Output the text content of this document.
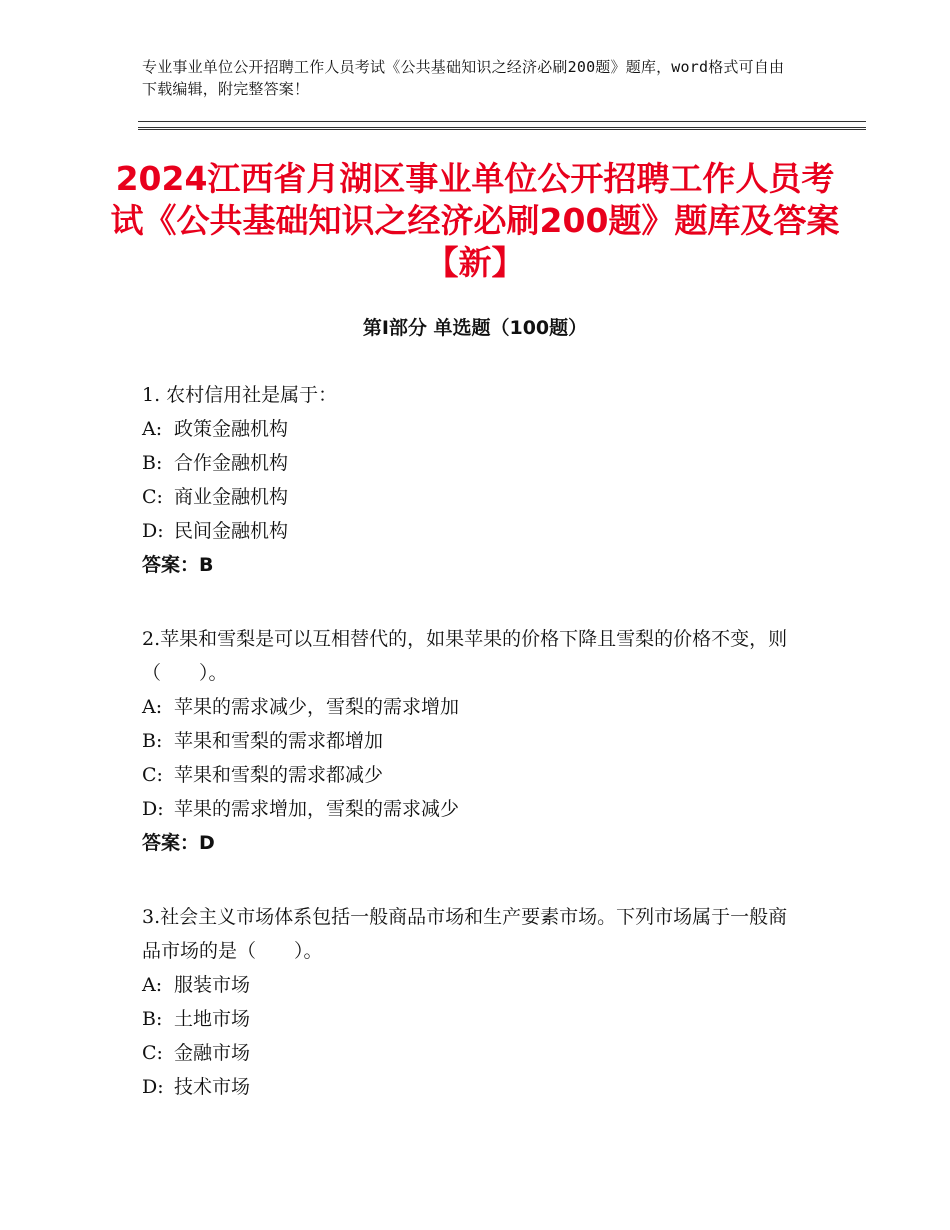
专业事业单位公开招聘工作人员考试《公共基础知识之经济必刷200题》题库，word格式可自由下载编辑，附完整答案！
2024江西省月湖区事业单位公开招聘工作人员考试《公共基础知识之经济必刷200题》题库及答案【新】
第Ⅰ部分 单选题（100题）

1. 农村信用社是属于：

A: 政策金融机构

B: 合作金融机构

C: 商业金融机构

D: 民间金融机构

答案：B

2.苹果和雪梨是可以互相替代的，如果苹果的价格下降且雪梨的价格不变，则（　　）。

A: 苹果的需求减少，雪梨的需求增加

B: 苹果和雪梨的需求都增加

C: 苹果和雪梨的需求都减少

D: 苹果的需求增加，雪梨的需求减少

答案：D

3.社会主义市场体系包括一般商品市场和生产要素市场。下列市场属于一般商品市场的是（　　）。

A: 服装市场

B: 土地市场

C: 金融市场

D: 技术市场
